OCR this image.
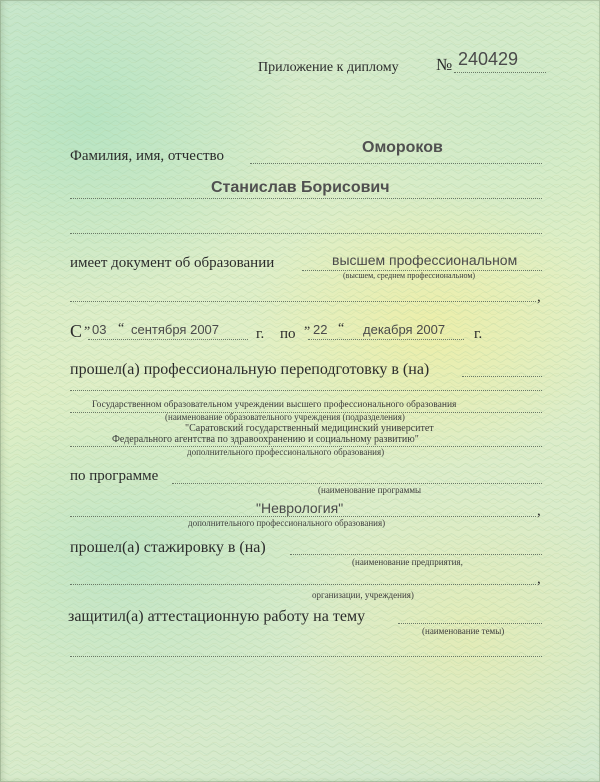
Приложение к диплому № 240429
Фамилия, имя, отчество	Омороков
Станислав Борисович
имеет документ об образовании	высшем профессиональном
(высшем, среднем профессиональном)
,
С „ 03 “ сентября 2007 г. по
„ 22 “ декабря 2007 г.
прошел(а) профессиональную переподготовку в (на)
Государственном образовательном учреждении высшего профессионального образования
(наименование образовательного учреждения (подразделения)
"Саратовский государственный медицинский университет
Федерального агентства по здравоохранению и социальному развитию"
дополнительного профессионального образования)
по программе
(наименование программы
"Неврология"	,
дополнительного профессионального образования)
прошел(а) стажировку в (на)
(наименование предприятия,
,
организации, учреждения)
защитил(а) аттестационную работу на тему
(наименование темы)
